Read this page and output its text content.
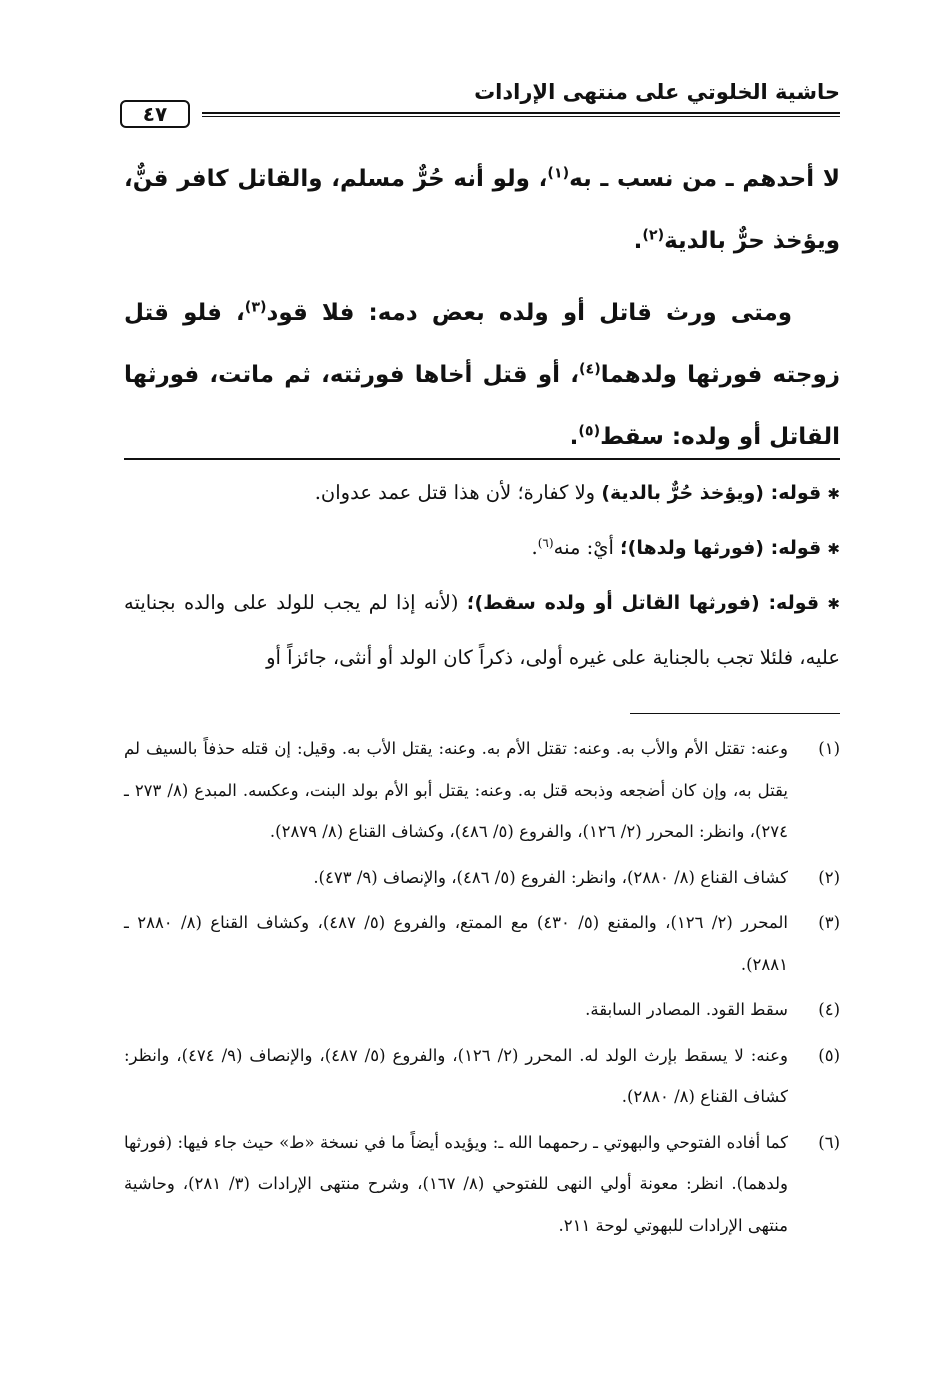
حاشية الخلوتي على منتهى الإرادات
٤٧

لا أحدهم ـ من نسب ـ به$^{(١)}$، ولو أنه حُرٌّ مسلم، والقاتل كافر قنٌّ، ويؤخذ حرٌّ بالدية$^{(٢)}$.

ومتى ورث قاتل أو ولده بعض دمه: فلا قود$^{(٣)}$، فلو قتل زوجته فورثها ولدهما$^{(٤)}$، أو قتل أخاها فورثته، ثم ماتت، فورثها القاتل أو ولده: سقط$^{(٥)}$.

✱ قوله: (ويؤخذ حُرٌّ بالدية) ولا كفارة؛ لأن هذا قتل عمد عدوان.

✱ قوله: (فورثها ولدها)؛ أيْ: منه$^{(٦)}$.

✱ قوله: (فورثها القاتل أو ولده سقط)؛ (لأنه إذا لم يجب للولد على والده بجنايته عليه، فلئلا تجب بالجناية على غيره أولى، ذكراً كان الولد أو أنثى، جائزاً أو

(١)
وعنه: تقتل الأم والأب به. وعنه: تقتل الأم به. وعنه: يقتل الأب به. وقيل: إن قتله حذفاً بالسيف لم يقتل به، وإن كان أضجعه وذبحه قتل به. وعنه: يقتل أبو الأم بولد البنت، وعكسه. المبدع (٨/ ٢٧٣ ـ ٢٧٤)، وانظر: المحرر (٢/ ١٢٦)، والفروع (٥/ ٤٨٦)، وكشاف القناع (٨/ ٢٨٧٩).
(٢)
كشاف القناع (٨/ ٢٨٨٠)، وانظر: الفروع (٥/ ٤٨٦)، والإنصاف (٩/ ٤٧٣).
(٣)
المحرر (٢/ ١٢٦)، والمقنع (٥/ ٤٣٠) مع الممتع، والفروع (٥/ ٤٨٧)، وكشاف القناع (٨/ ٢٨٨٠ ـ ٢٨٨١).
(٤)
سقط القود. المصادر السابقة.
(٥)
وعنه: لا يسقط بإرث الولد له. المحرر (٢/ ١٢٦)، والفروع (٥/ ٤٨٧)، والإنصاف (٩/ ٤٧٤)، وانظر: كشاف القناع (٨/ ٢٨٨٠).
(٦)
كما أفاده الفتوحي والبهوتي ـ رحمهما الله ـ: ويؤيده أيضاً ما في نسخة «ط» حيث جاء فيها: (فورثها ولدهما). انظر: معونة أولي النهى للفتوحي (٨/ ١٦٧)، وشرح منتهى الإرادات (٣/ ٢٨١)، وحاشية منتهى الإرادات للبهوتي لوحة ٢١١.
